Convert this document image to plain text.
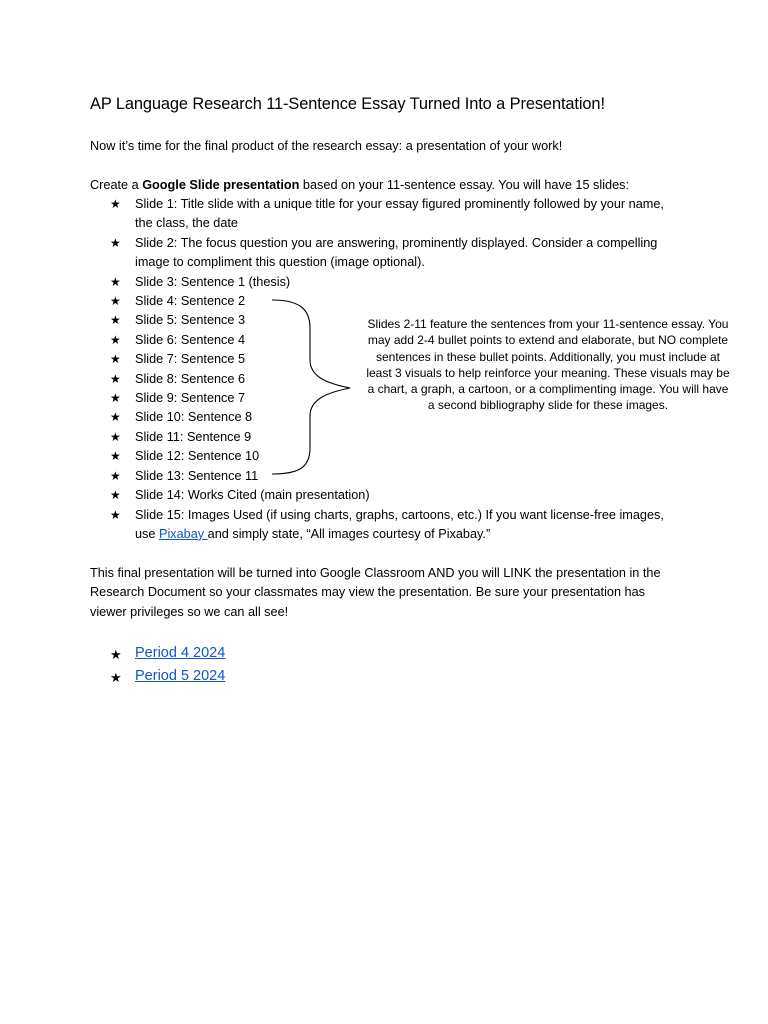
AP Language Research 11-Sentence Essay Turned Into a Presentation!

Now it’s time for the final product of the research essay: a presentation of your work!

Create a Google Slide presentation based on your 11-sentence essay. You will have 15 slides:

★ Slide 1: Title slide with a unique title for your essay figured prominently followed by your name, the class, the date
★ Slide 2: The focus question you are answering, prominently displayed. Consider a compelling image to compliment this question (image optional).
★ Slide 3: Sentence 1 (thesis)
★ Slide 4: Sentence 2
★ Slide 5: Sentence 3
★ Slide 6: Sentence 4
★ Slide 7: Sentence 5
★ Slide 8: Sentence 6
★ Slide 9: Sentence 7
★ Slide 10: Sentence 8
★ Slide 11: Sentence 9
★ Slide 12: Sentence 10
★ Slide 13: Sentence 11
★ Slide 14: Works Cited (main presentation)
★ Slide 15: Images Used (if using charts, graphs, cartoons, etc.) If you want license-free images, use Pixabay and simply state, “All images courtesy of Pixabay.”

Slides 2-11 feature the sentences from your 11-sentence essay. You may add 2-4 bullet points to extend and elaborate, but NO complete sentences in these bullet points. Additionally, you must include at least 3 visuals to help reinforce your meaning. These visuals may be a chart, a graph, a cartoon, or a complimenting image. You will have a second bibliography slide for these images.

This final presentation will be turned into Google Classroom AND you will LINK the presentation in the Research Document so your classmates may view the presentation. Be sure your presentation has viewer privileges so we can all see!

★ Period 4 2024
★ Period 5 2024
